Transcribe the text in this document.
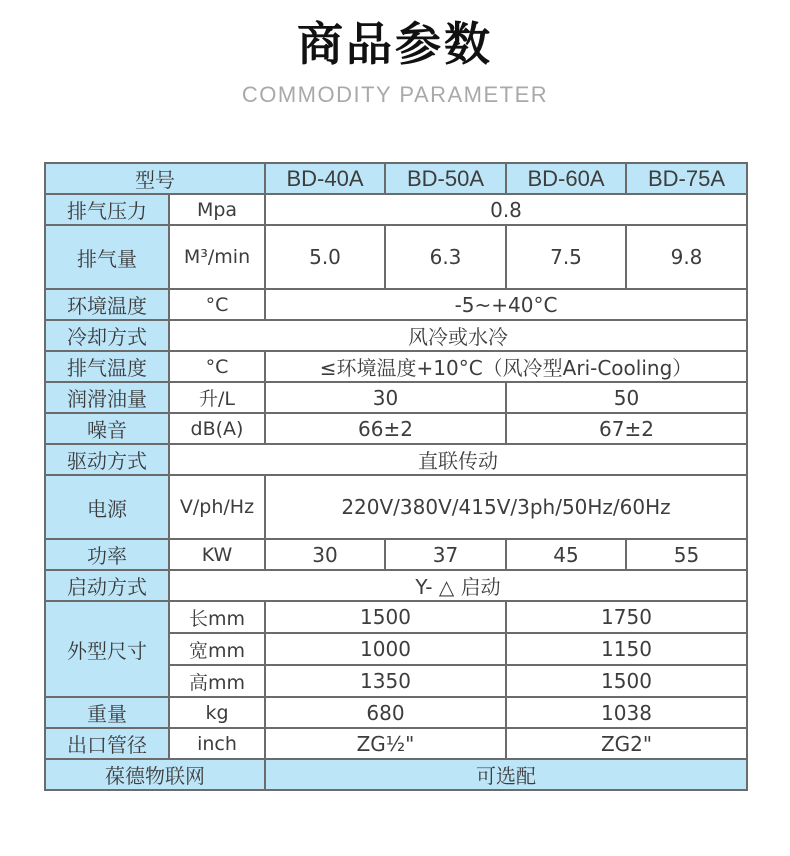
商品参数
COMMODITY PARAMETER
型号		BD-40A	BD-50A	BD-60A	BD-75A
排气压力	Mpa	0.8			
排气量	M³/min	5.0	6.3	7.5	9.8
环境温度	°C	-5~+40°C			
冷却方式	风冷或水冷				
排气温度	°C	≤环境温度+10°C（风冷型Ari-Cooling）			
润滑油量	升/L	30		50	
噪音	dB(A)	66±2		67±2	
驱动方式	直联传动				
电源	V/ph/Hz	220V/380V/415V/3ph/50Hz/60Hz			
功率	KW	30	37	45	55
启动方式	Y- △ 启动				
外型尺寸	长mm	1500		1750	
	宽mm	1000		1150	
	高mm	1350		1500	
重量	kg	680		1038	
出口管径	inch	ZG½"		ZG2"	
葆德物联网		可选配			
